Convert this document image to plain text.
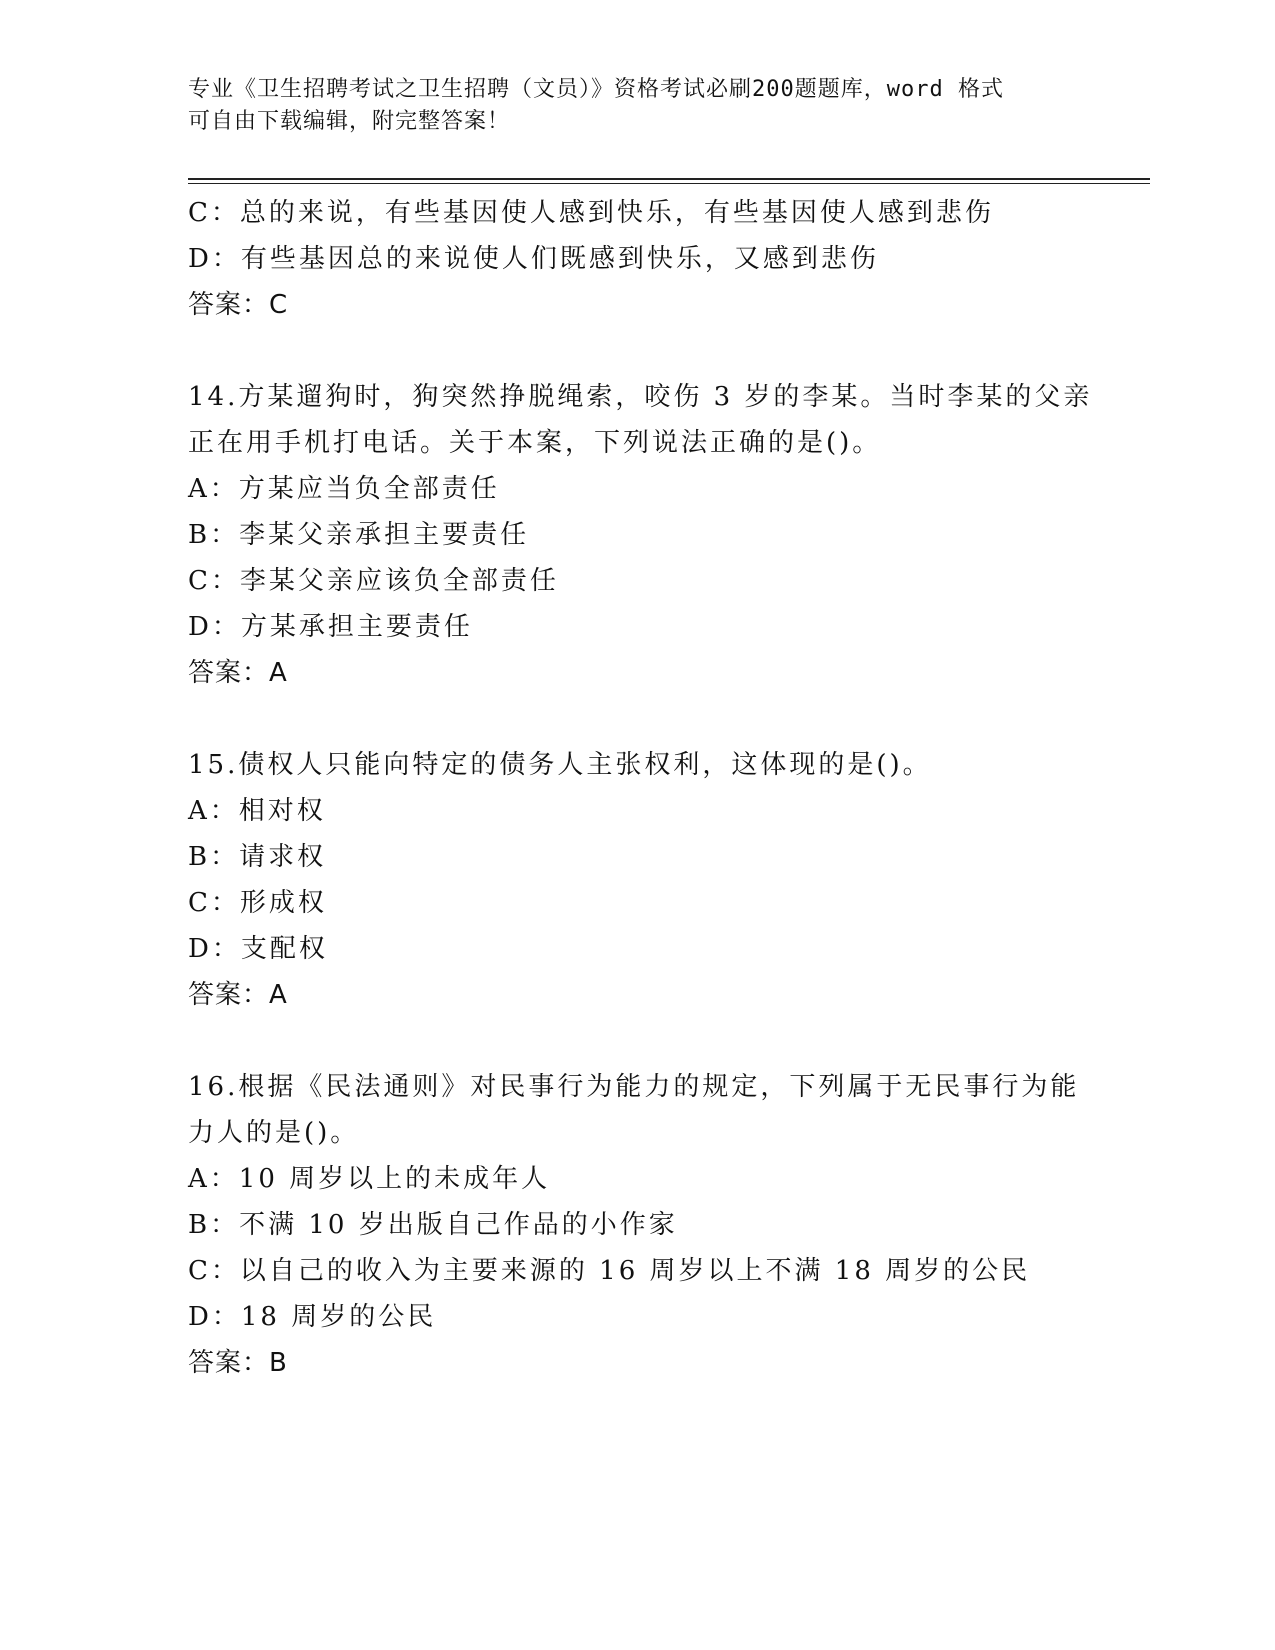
专业《卫生招聘考试之卫生招聘（文员）》资格考试必刷200题题库，word 格式
可自由下载编辑，附完整答案！
C：总的来说，有些基因使人感到快乐，有些基因使人感到悲伤
D：有些基因总的来说使人们既感到快乐，又感到悲伤
答案：C
14.方某遛狗时，狗突然挣脱绳索，咬伤 3 岁的李某。当时李某的父亲
正在用手机打电话。关于本案，下列说法正确的是()。
A：方某应当负全部责任
B：李某父亲承担主要责任
C：李某父亲应该负全部责任
D：方某承担主要责任
答案：A
15.债权人只能向特定的债务人主张权利，这体现的是()。
A：相对权
B：请求权
C：形成权
D：支配权
答案：A
16.根据《民法通则》对民事行为能力的规定，下列属于无民事行为能
力人的是()。
A：10 周岁以上的未成年人
B：不满 10 岁出版自己作品的小作家
C：以自己的收入为主要来源的 16 周岁以上不满 18 周岁的公民
D：18 周岁的公民
答案：B
